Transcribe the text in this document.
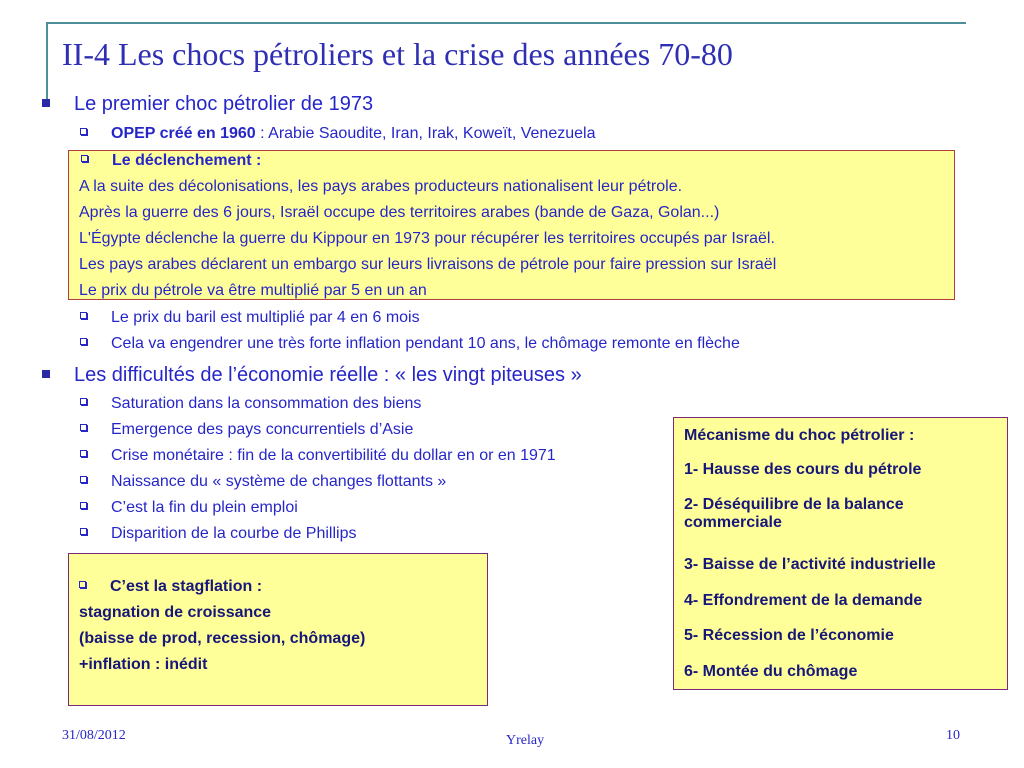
II-4 Les chocs pétroliers et la crise des années 70-80
Le premier choc pétrolier de 1973
OPEP créé en 1960 : Arabie Saoudite, Iran, Irak, Koweït, Venezuela
Le déclenchement :
A la suite des décolonisations, les pays arabes producteurs nationalisent leur pétrole.
Après la guerre des 6 jours, Israël occupe des territoires arabes (bande de Gaza, Golan...)
L'Égypte déclenche la guerre du Kippour en 1973 pour récupérer les territoires occupés par Israël.
Les pays arabes déclarent un embargo sur leurs livraisons de pétrole pour faire pression sur Israël
Le prix du pétrole va être multiplié par 5 en un an
Le prix du baril est multiplié par 4 en 6 mois
Cela va engendrer une très forte inflation pendant 10 ans, le chômage remonte en flèche
Les difficultés de l’économie réelle : « les vingt piteuses »
Saturation dans la consommation des biens
Emergence des pays concurrentiels d’Asie
Crise monétaire : fin de la convertibilité du dollar en or en 1971
Naissance du « système de changes flottants »
C’est la fin du plein emploi
Disparition de la courbe de Phillips
C’est la stagflation :
stagnation de croissance
(baisse de prod, recession, chômage)
+inflation : inédit
Mécanisme du choc pétrolier :
1- Hausse des cours du pétrole
2- Déséquilibre de la balance commerciale
3- Baisse de l’activité industrielle
4- Effondrement de la demande
5- Récession de l’économie
6- Montée du chômage
31/08/2012	Yrelay	10
